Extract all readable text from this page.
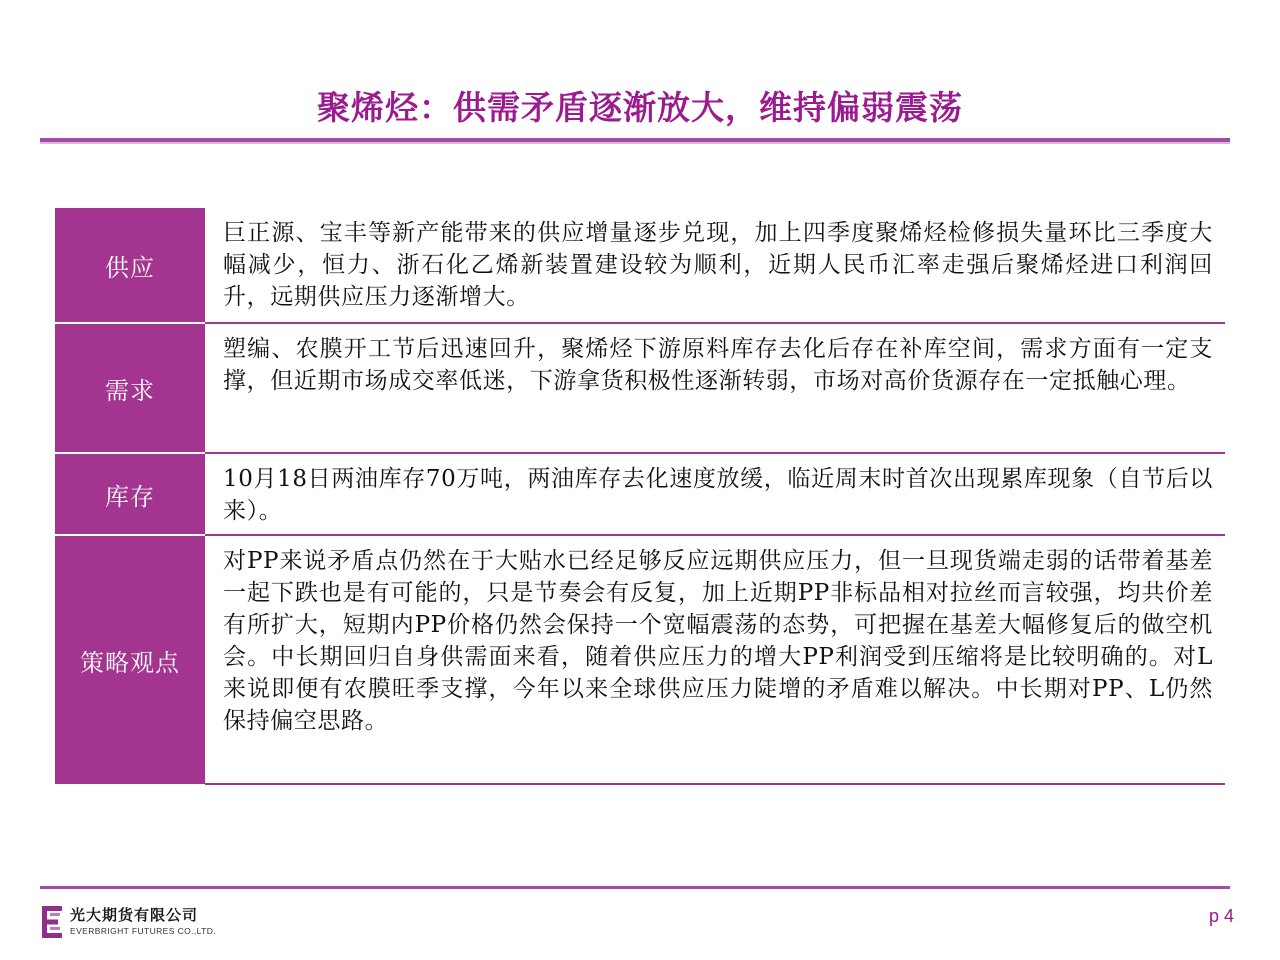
聚烯烃：供需矛盾逐渐放大，维持偏弱震荡
供应
巨正源、宝丰等新产能带来的供应增量逐步兑现，加上四季度聚烯烃检修损失量环比三季度大幅减少，恒力、浙石化乙烯新装置建设较为顺利，近期人民币汇率走强后聚烯烃进口利润回升，远期供应压力逐渐增大。
需求
塑编、农膜开工节后迅速回升，聚烯烃下游原料库存去化后存在补库空间，需求方面有一定支撑，但近期市场成交率低迷，下游拿货积极性逐渐转弱，市场对高价货源存在一定抵触心理。
库存
10月18日两油库存70万吨，两油库存去化速度放缓，临近周末时首次出现累库现象（自节后以来）。
策略观点
对PP来说矛盾点仍然在于大贴水已经足够反应远期供应压力，但一旦现货端走弱的话带着基差一起下跌也是有可能的，只是节奏会有反复，加上近期PP非标品相对拉丝而言较强，均共价差有所扩大，短期内PP价格仍然会保持一个宽幅震荡的态势，可把握在基差大幅修复后的做空机会。中长期回归自身供需面来看，随着供应压力的增大PP利润受到压缩将是比较明确的。对L来说即便有农膜旺季支撑，今年以来全球供应压力陡增的矛盾难以解决。中长期对PP、L仍然保持偏空思路。
光大期货有限公司
EVERBRIGHT FUTURES CO.,LTD.
p 4
